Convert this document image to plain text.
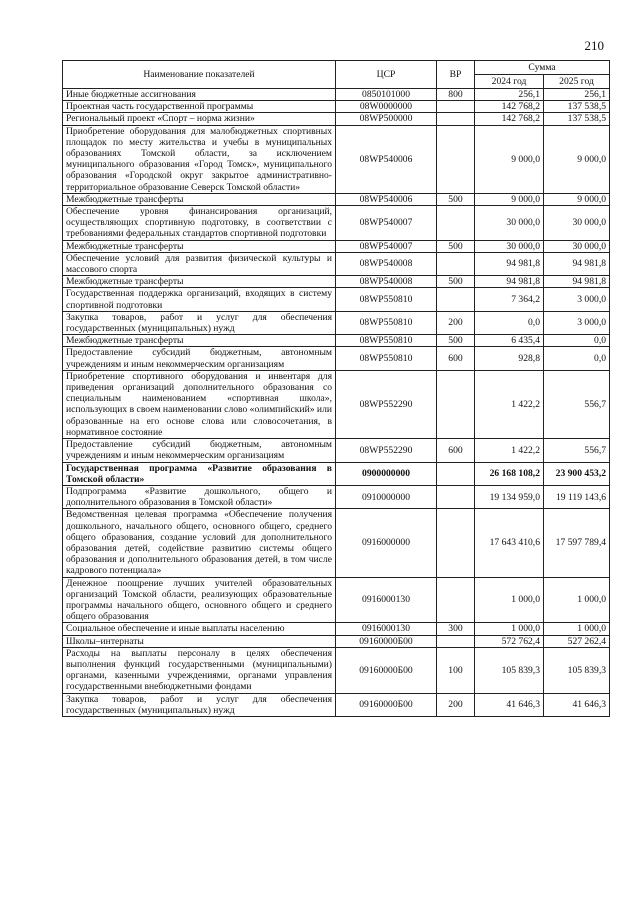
210
Наименование показателей	ЦСР	ВР	Сумма	
			2024 год	2025 год
Иные бюджетные ассигнования	0850101000	800	256,1	256,1
Проектная часть государственной программы	08W0000000		142 768,2	137 538,5
Региональный проект «Спорт – норма жизни»	08WP500000		142 768,2	137 538,5
Приобретение оборудования для малобюджетных спортивных площадок по месту жительства и учебы в муниципальных образованиях Томской области, за исключением муниципального образования «Город Томск», муниципального образования «Городской округ закрытое административно-территориальное образование Северск Томской области»	08WP540006		9 000,0	9 000,0
Межбюджетные трансферты	08WP540006	500	9 000,0	9 000,0
Обеспечение уровня финансирования организаций, осуществляющих спортивную подготовку, в соответствии с требованиями федеральных стандартов спортивной подготовки	08WP540007		30 000,0	30 000,0
Межбюджетные трансферты	08WP540007	500	30 000,0	30 000,0
Обеспечение условий для развития физической культуры и массового спорта	08WP540008		94 981,8	94 981,8
Межбюджетные трансферты	08WP540008	500	94 981,8	94 981,8
Государственная поддержка организаций, входящих в систему спортивной подготовки	08WP550810		7 364,2	3 000,0
Закупка товаров, работ и услуг для обеспечения государственных (муниципальных) нужд	08WP550810	200	0,0	3 000,0
Межбюджетные трансферты	08WP550810	500	6 435,4	0,0
Предоставление субсидий бюджетным, автономным учреждениям и иным некоммерческим организациям	08WP550810	600	928,8	0,0
Приобретение спортивного оборудования и инвентаря для приведения организаций дополнительного образования со специальным наименованием «спортивная школа», использующих в своем наименовании слово «олимпийский» или образованные на его основе слова или словосочетания, в нормативное состояние	08WP552290		1 422,2	556,7
Предоставление субсидий бюджетным, автономным учреждениям и иным некоммерческим организациям	08WP552290	600	1 422,2	556,7
Государственная программа «Развитие образования в Томской области»	0900000000		26 168 108,2	23 900 453,2
Подпрограмма «Развитие дошкольного, общего и дополнительного образования в Томской области»	0910000000		19 134 959,0	19 119 143,6
Ведомственная целевая программа «Обеспечение получения дошкольного, начального общего, основного общего, среднего общего образования, создание условий для дополнительного образования детей, содействие развитию системы общего образования и дополнительного образования детей, в том числе кадрового потенциала»	0916000000		17 643 410,6	17 597 789,4
Денежное поощрение лучших учителей образовательных организаций Томской области, реализующих образовательные программы начального общего, основного общего и среднего общего образования	0916000130		1 000,0	1 000,0
Социальное обеспечение и иные выплаты населению	0916000130	300	1 000,0	1 000,0
Школы–интернаты	09160000Б00		572 762,4	527 262,4
Расходы на выплаты персоналу в целях обеспечения выполнения функций государственными (муниципальными) органами, казенными учреждениями, органами управления государственными внебюджетными фондами	09160000Б00	100	105 839,3	105 839,3
Закупка товаров, работ и услуг для обеспечения государственных (муниципальных) нужд	09160000Б00	200	41 646,3	41 646,3
